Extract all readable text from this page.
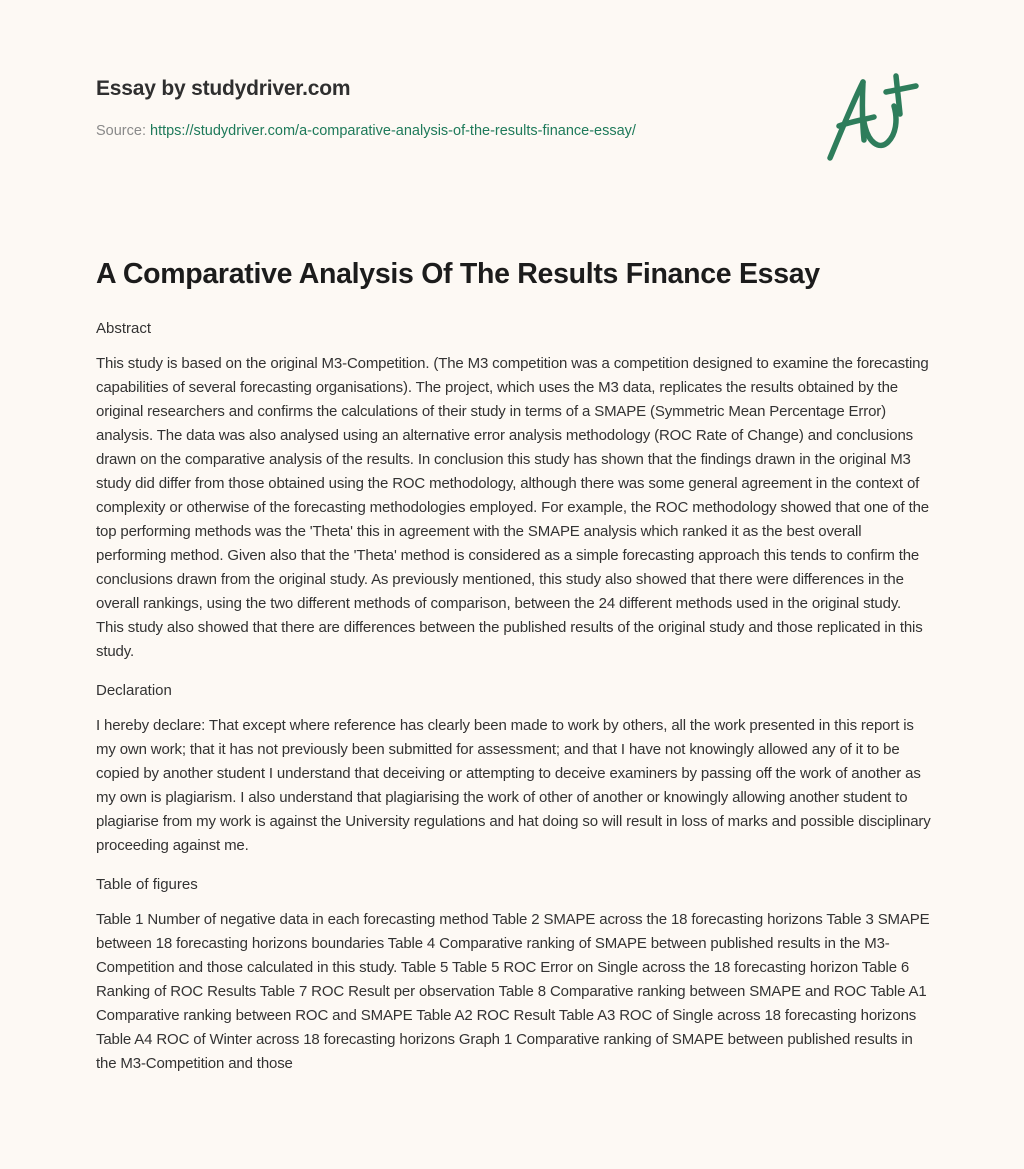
Essay by studydriver.com
Source: https://studydriver.com/a-comparative-analysis-of-the-results-finance-essay/
A Comparative Analysis Of The Results Finance Essay
Abstract

This study is based on the original M3-Competition. (The M3 competition was a competition designed to examine the forecasting capabilities of several forecasting organisations). The project, which uses the M3 data, replicates the results obtained by the original researchers and confirms the calculations of their study in terms of a SMAPE (Symmetric Mean Percentage Error) analysis. The data was also analysed using an alternative error analysis methodology (ROC Rate of Change) and conclusions drawn on the comparative analysis of the results. In conclusion this study has shown that the findings drawn in the original M3 study did differ from those obtained using the ROC methodology, although there was some general agreement in the context of complexity or otherwise of the forecasting methodologies employed. For example, the ROC methodology showed that one of the top performing methods was the 'Theta' this in agreement with the SMAPE analysis which ranked it as the best overall performing method. Given also that the 'Theta' method is considered as a simple forecasting approach this tends to confirm the conclusions drawn from the original study. As previously mentioned, this study also showed that there were differences in the overall rankings, using the two different methods of comparison, between the 24 different methods used in the original study. This study also showed that there are differences between the published results of the original study and those replicated in this study.

Declaration

I hereby declare: That except where reference has clearly been made to work by others, all the work presented in this report is my own work; that it has not previously been submitted for assessment; and that I have not knowingly allowed any of it to be copied by another student I understand that deceiving or attempting to deceive examiners by passing off the work of another as my own is plagiarism. I also understand that plagiarising the work of other of another or knowingly allowing another student to plagiarise from my work is against the University regulations and hat doing so will result in loss of marks and possible disciplinary proceeding against me.

Table of figures

Table 1 Number of negative data in each forecasting method Table 2 SMAPE across the 18 forecasting horizons Table 3 SMAPE between 18 forecasting horizons boundaries Table 4 Comparative ranking of SMAPE between published results in the M3-Competition and those calculated in this study. Table 5 Table 5 ROC Error on Single across the 18 forecasting horizon Table 6 Ranking of ROC Results Table 7 ROC Result per observation Table 8 Comparative ranking between SMAPE and ROC Table A1 Comparative ranking between ROC and SMAPE Table A2 ROC Result Table A3 ROC of Single across 18 forecasting horizons Table A4 ROC of Winter across 18 forecasting horizons Graph 1 Comparative ranking of SMAPE between published results in the M3-Competition and those
